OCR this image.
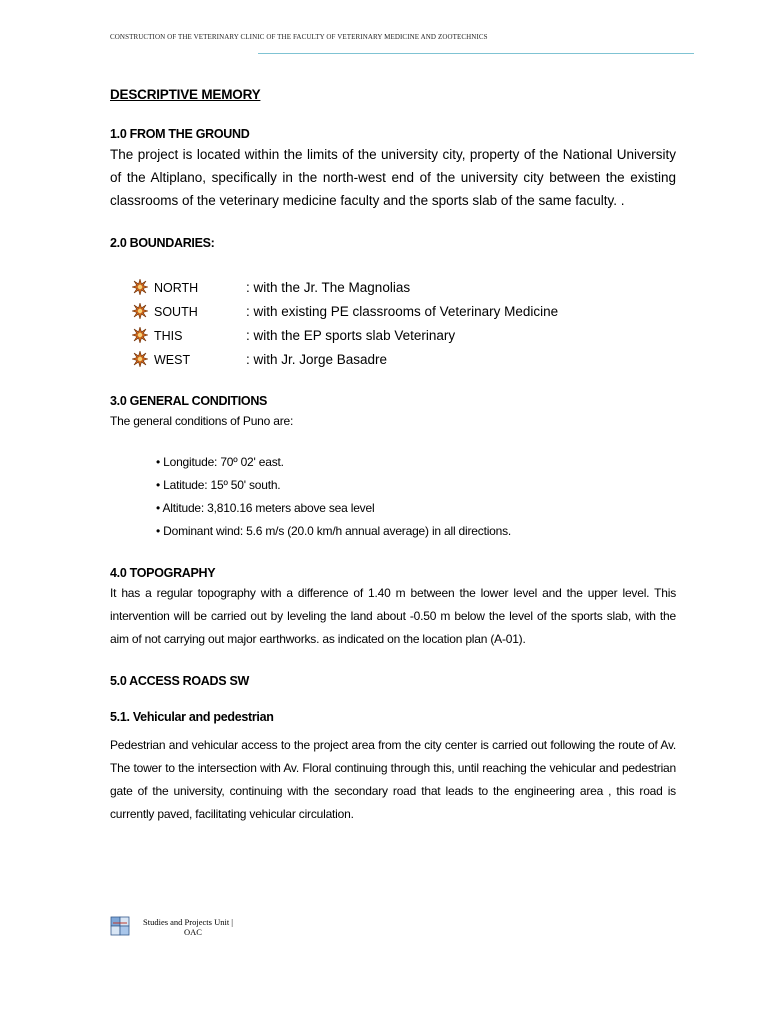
CONSTRUCTION OF THE VETERINARY CLINIC OF THE FACULTY OF VETERINARY MEDICINE AND ZOOTECHNICS
DESCRIPTIVE MEMORY
1.0 FROM THE GROUND

The project is located within the limits of the university city, property of the National University of the Altiplano, specifically in the north-west end of the university city between the existing classrooms of the veterinary medicine faculty and the sports slab of the same faculty. .

2.0 BOUNDARIES:
NORTH	: with the Jr. The Magnolias
SOUTH	: with existing PE classrooms of Veterinary Medicine
THIS	: with the EP sports slab Veterinary
WEST	: with Jr. Jorge Basadre
3.0 GENERAL CONDITIONS

The general conditions of Puno are:

• Longitude: 70º 02' east.
• Latitude: 15º 50' south.
• Altitude: 3,810.16 meters above sea level
• Dominant wind: 5.6 m/s (20.0 km/h annual average) in all directions.
4.0 TOPOGRAPHY

It has a regular topography with a difference of 1.40 m between the lower level and the upper level. This intervention will be carried out by leveling the land about -0.50 m below the level of the sports slab, with the aim of not carrying out major earthworks. as indicated on the location plan (A-01).

5.0 ACCESS ROADS SW
5.1. Vehicular and pedestrian

Pedestrian and vehicular access to the project area from the city center is carried out following the route of Av. The tower to the intersection with Av. Floral continuing through this, until reaching the vehicular and pedestrian gate of the university, continuing with the secondary road that leads to the engineering area , this road is currently paved, facilitating vehicular circulation.

Studies and Projects Unit |
OAC
